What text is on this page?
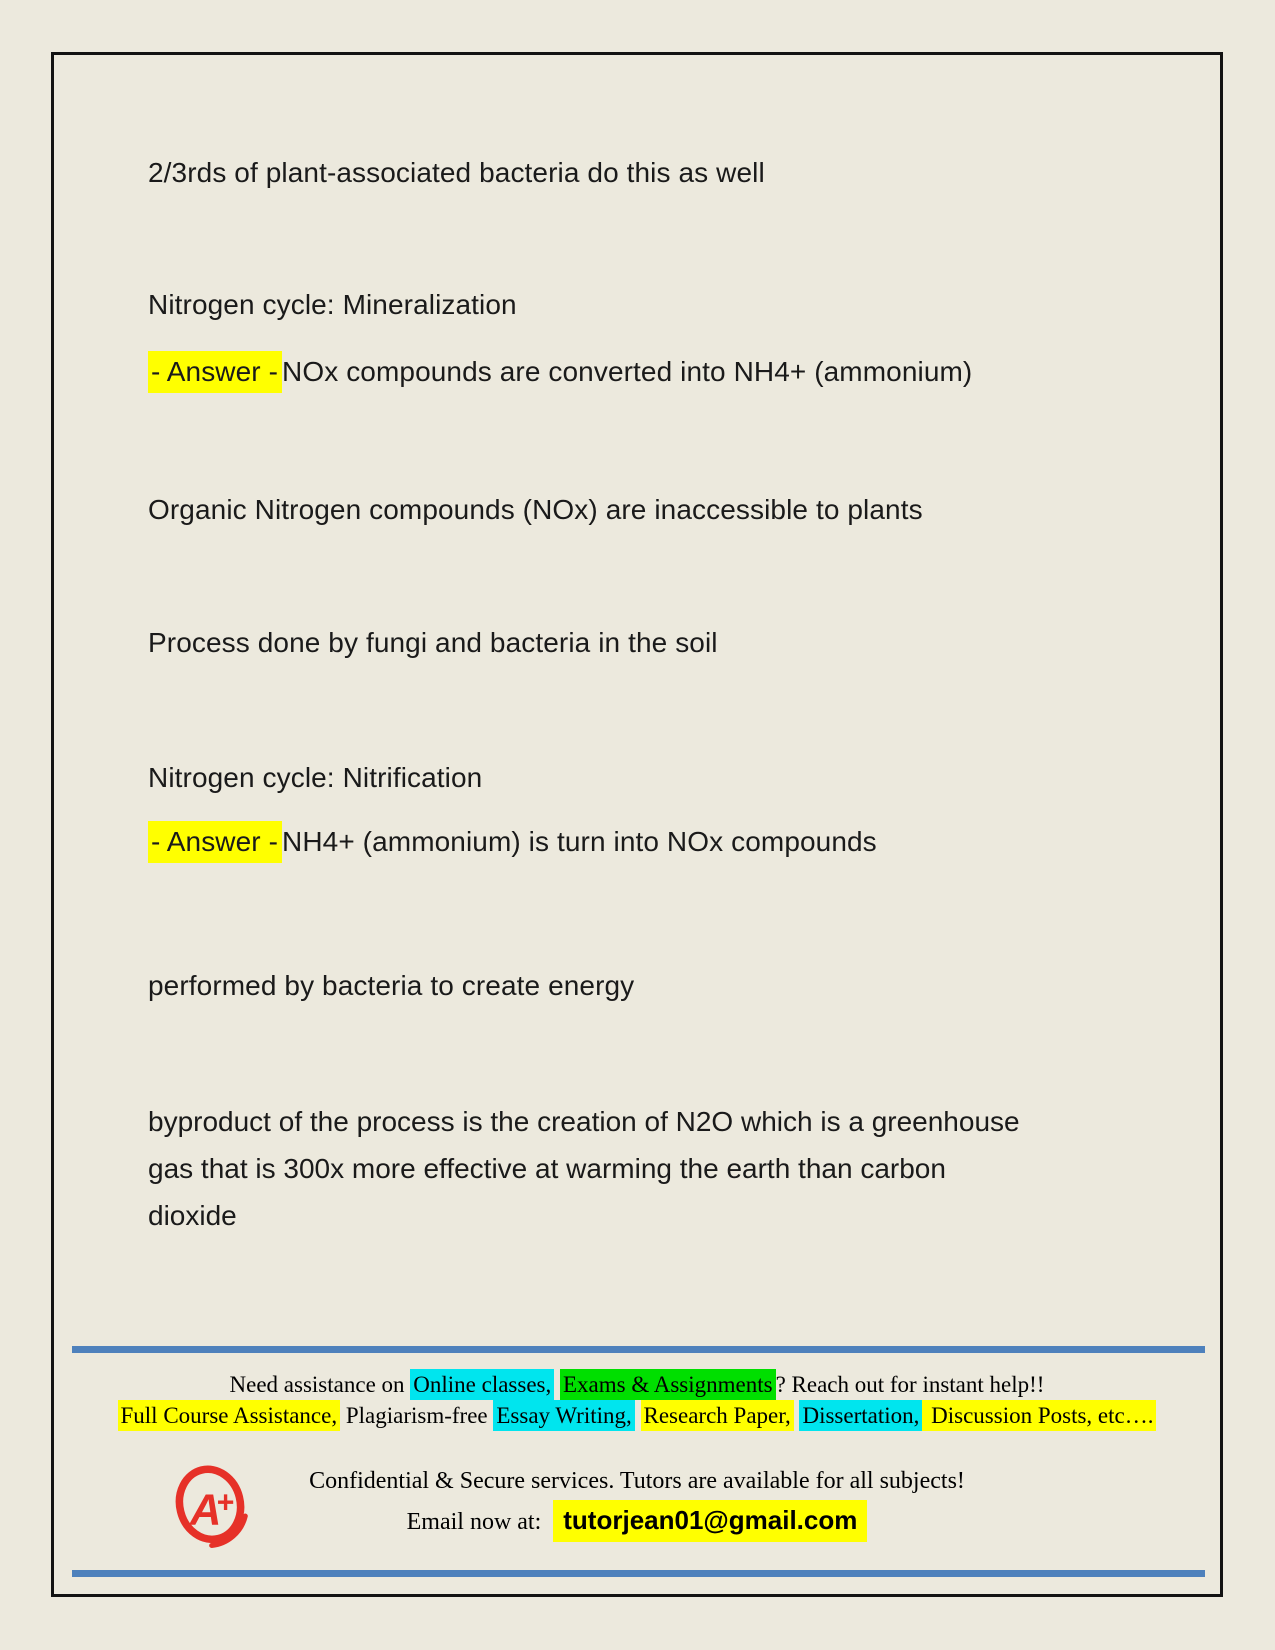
2/3rds of plant-associated bacteria do this as well
Nitrogen cycle: Mineralization
- Answer - NOx compounds are converted into NH4+ (ammonium)
Organic Nitrogen compounds (NOx) are inaccessible to plants
Process done by fungi and bacteria in the soil
Nitrogen cycle: Nitrification
- Answer - NH4+ (ammonium) is turn into NOx compounds
performed by bacteria to create energy
byproduct of the process is the creation of N2O which is a greenhouse
gas that is 300x more effective at warming the earth than carbon
dioxide
Need assistance on Online classes, Exams & Assignments ? Reach out for instant help!!
Full Course Assistance, Plagiarism-free Essay Writing, Research Paper, Dissertation, Discussion Posts, etc….
A
+
Confidential & Secure services. Tutors are available for all subjects!
Email now at: tutorjean01@gmail.com
